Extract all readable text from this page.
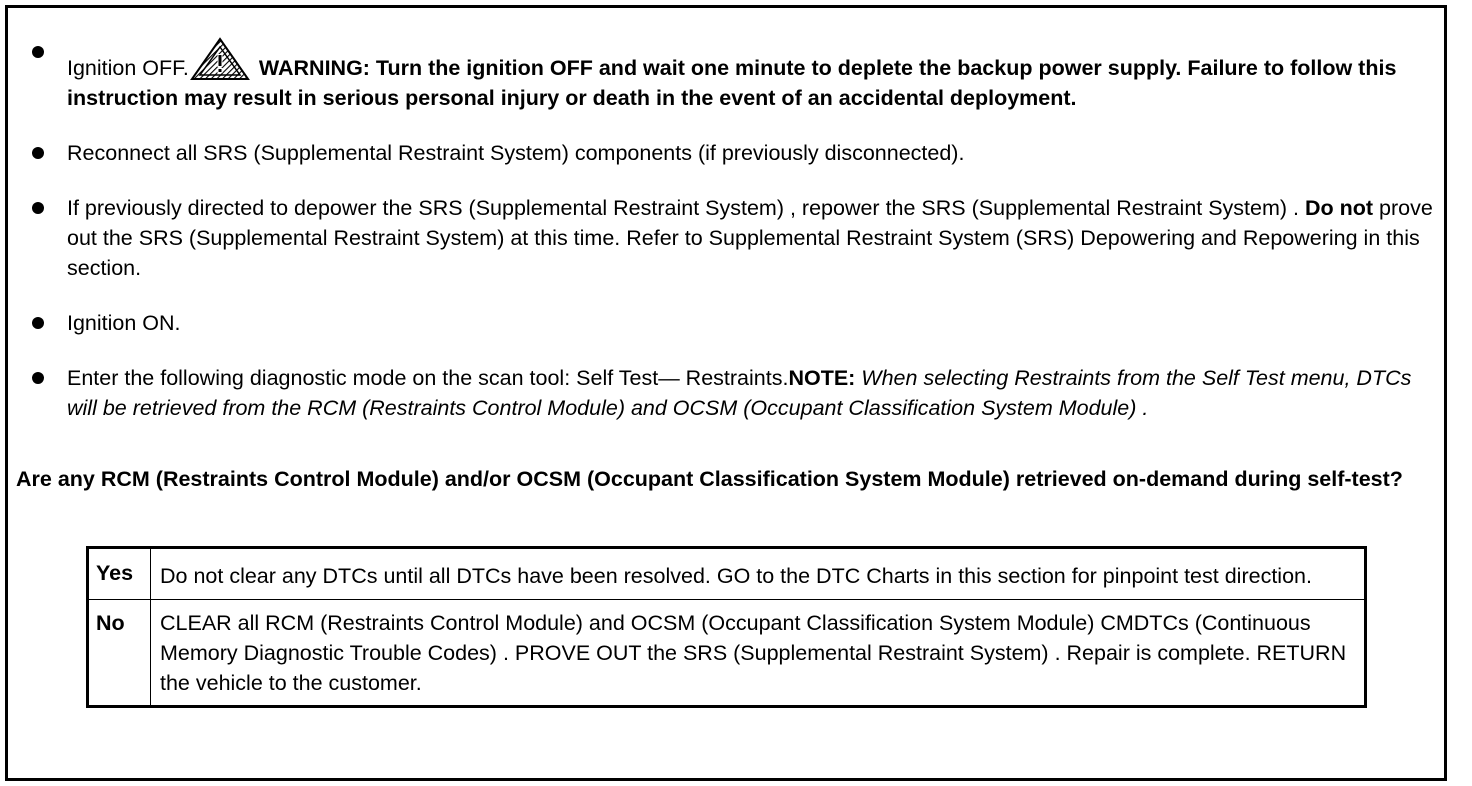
Ignition OFF.	WARNING: Turn the ignition OFF and wait one minute to deplete the backup power supply. Failure to follow this instruction may result in serious personal injury or death in the event of an accidental deployment.
Reconnect all SRS (Supplemental Restraint System) components (if previously disconnected).
If previously directed to depower the SRS (Supplemental Restraint System) , repower the SRS (Supplemental Restraint System) . Do not prove out the SRS (Supplemental Restraint System) at this time. Refer to Supplemental Restraint System (SRS) Depowering and Repowering in this section.
Ignition ON.
Enter the following diagnostic mode on the scan tool: Self Test— Restraints.NOTE: When selecting Restraints from the Self Test menu, DTCs will be retrieved from the RCM (Restraints Control Module) and OCSM (Occupant Classification System Module) .
Are any RCM (Restraints Control Module) and/or OCSM (Occupant Classification System Module) retrieved on-demand during self-test?
Yes	Do not clear any DTCs until all DTCs have been resolved. GO to the DTC Charts in this section for pinpoint test direction.
No	CLEAR all RCM (Restraints Control Module) and OCSM (Occupant Classification System Module) CMDTCs (Continuous Memory Diagnostic Trouble Codes) . PROVE OUT the SRS (Supplemental Restraint System) . Repair is complete. RETURN the vehicle to the customer.
